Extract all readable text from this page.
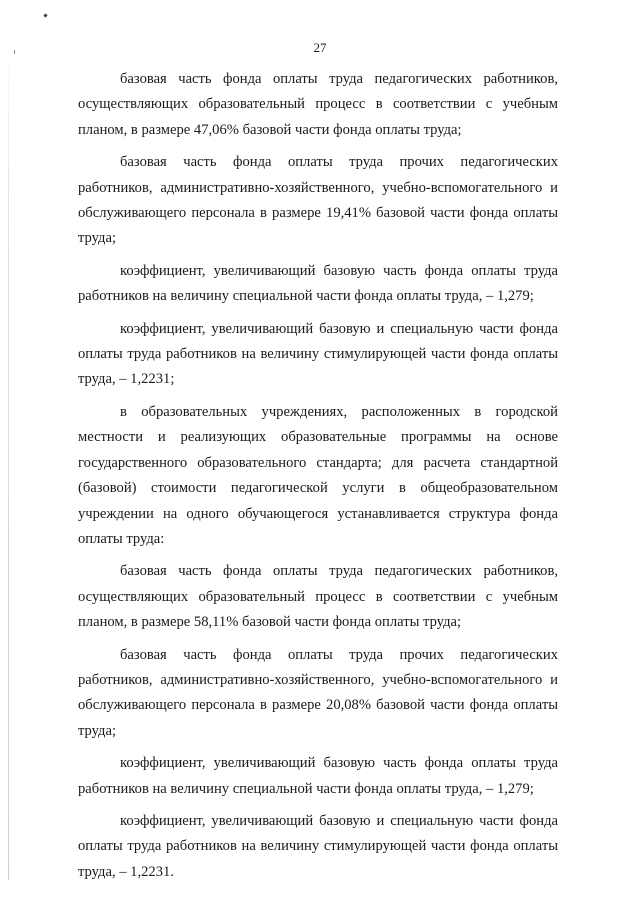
27

базовая часть фонда оплаты труда педагогических работников, осуществляющих образовательный процесс в соответствии с учебным планом, в размере 47,06% базовой части фонда оплаты труда;

базовая часть фонда оплаты труда прочих педагогических работников, административно-хозяйственного, учебно-вспомогательного и обслуживающего персонала в размере 19,41% базовой части фонда оплаты труда;

коэффициент, увеличивающий базовую часть фонда оплаты труда работников на величину специальной части фонда оплаты труда, – 1,279;

коэффициент, увеличивающий базовую и специальную части фонда оплаты труда работников на величину стимулирующей части фонда оплаты труда, – 1,2231;

в образовательных учреждениях, расположенных в городской местности и реализующих образовательные программы на основе государственного образовательного стандарта; для расчета стандартной (базовой) стоимости педагогической услуги в общеобразовательном учреждении на одного обучающегося устанавливается структура фонда оплаты труда:

базовая часть фонда оплаты труда педагогических работников, осуществляющих образовательный процесс в соответствии с учебным планом, в размере 58,11% базовой части фонда оплаты труда;

базовая часть фонда оплаты труда прочих педагогических работников, административно-хозяйственного, учебно-вспомогательного и обслуживающего персонала в размере 20,08% базовой части фонда оплаты труда;

коэффициент, увеличивающий базовую часть фонда оплаты труда работников на величину специальной части фонда оплаты труда, – 1,279;

коэффициент, увеличивающий базовую и специальную части фонда оплаты труда работников на величину стимулирующей части фонда оплаты труда, – 1,2231.
